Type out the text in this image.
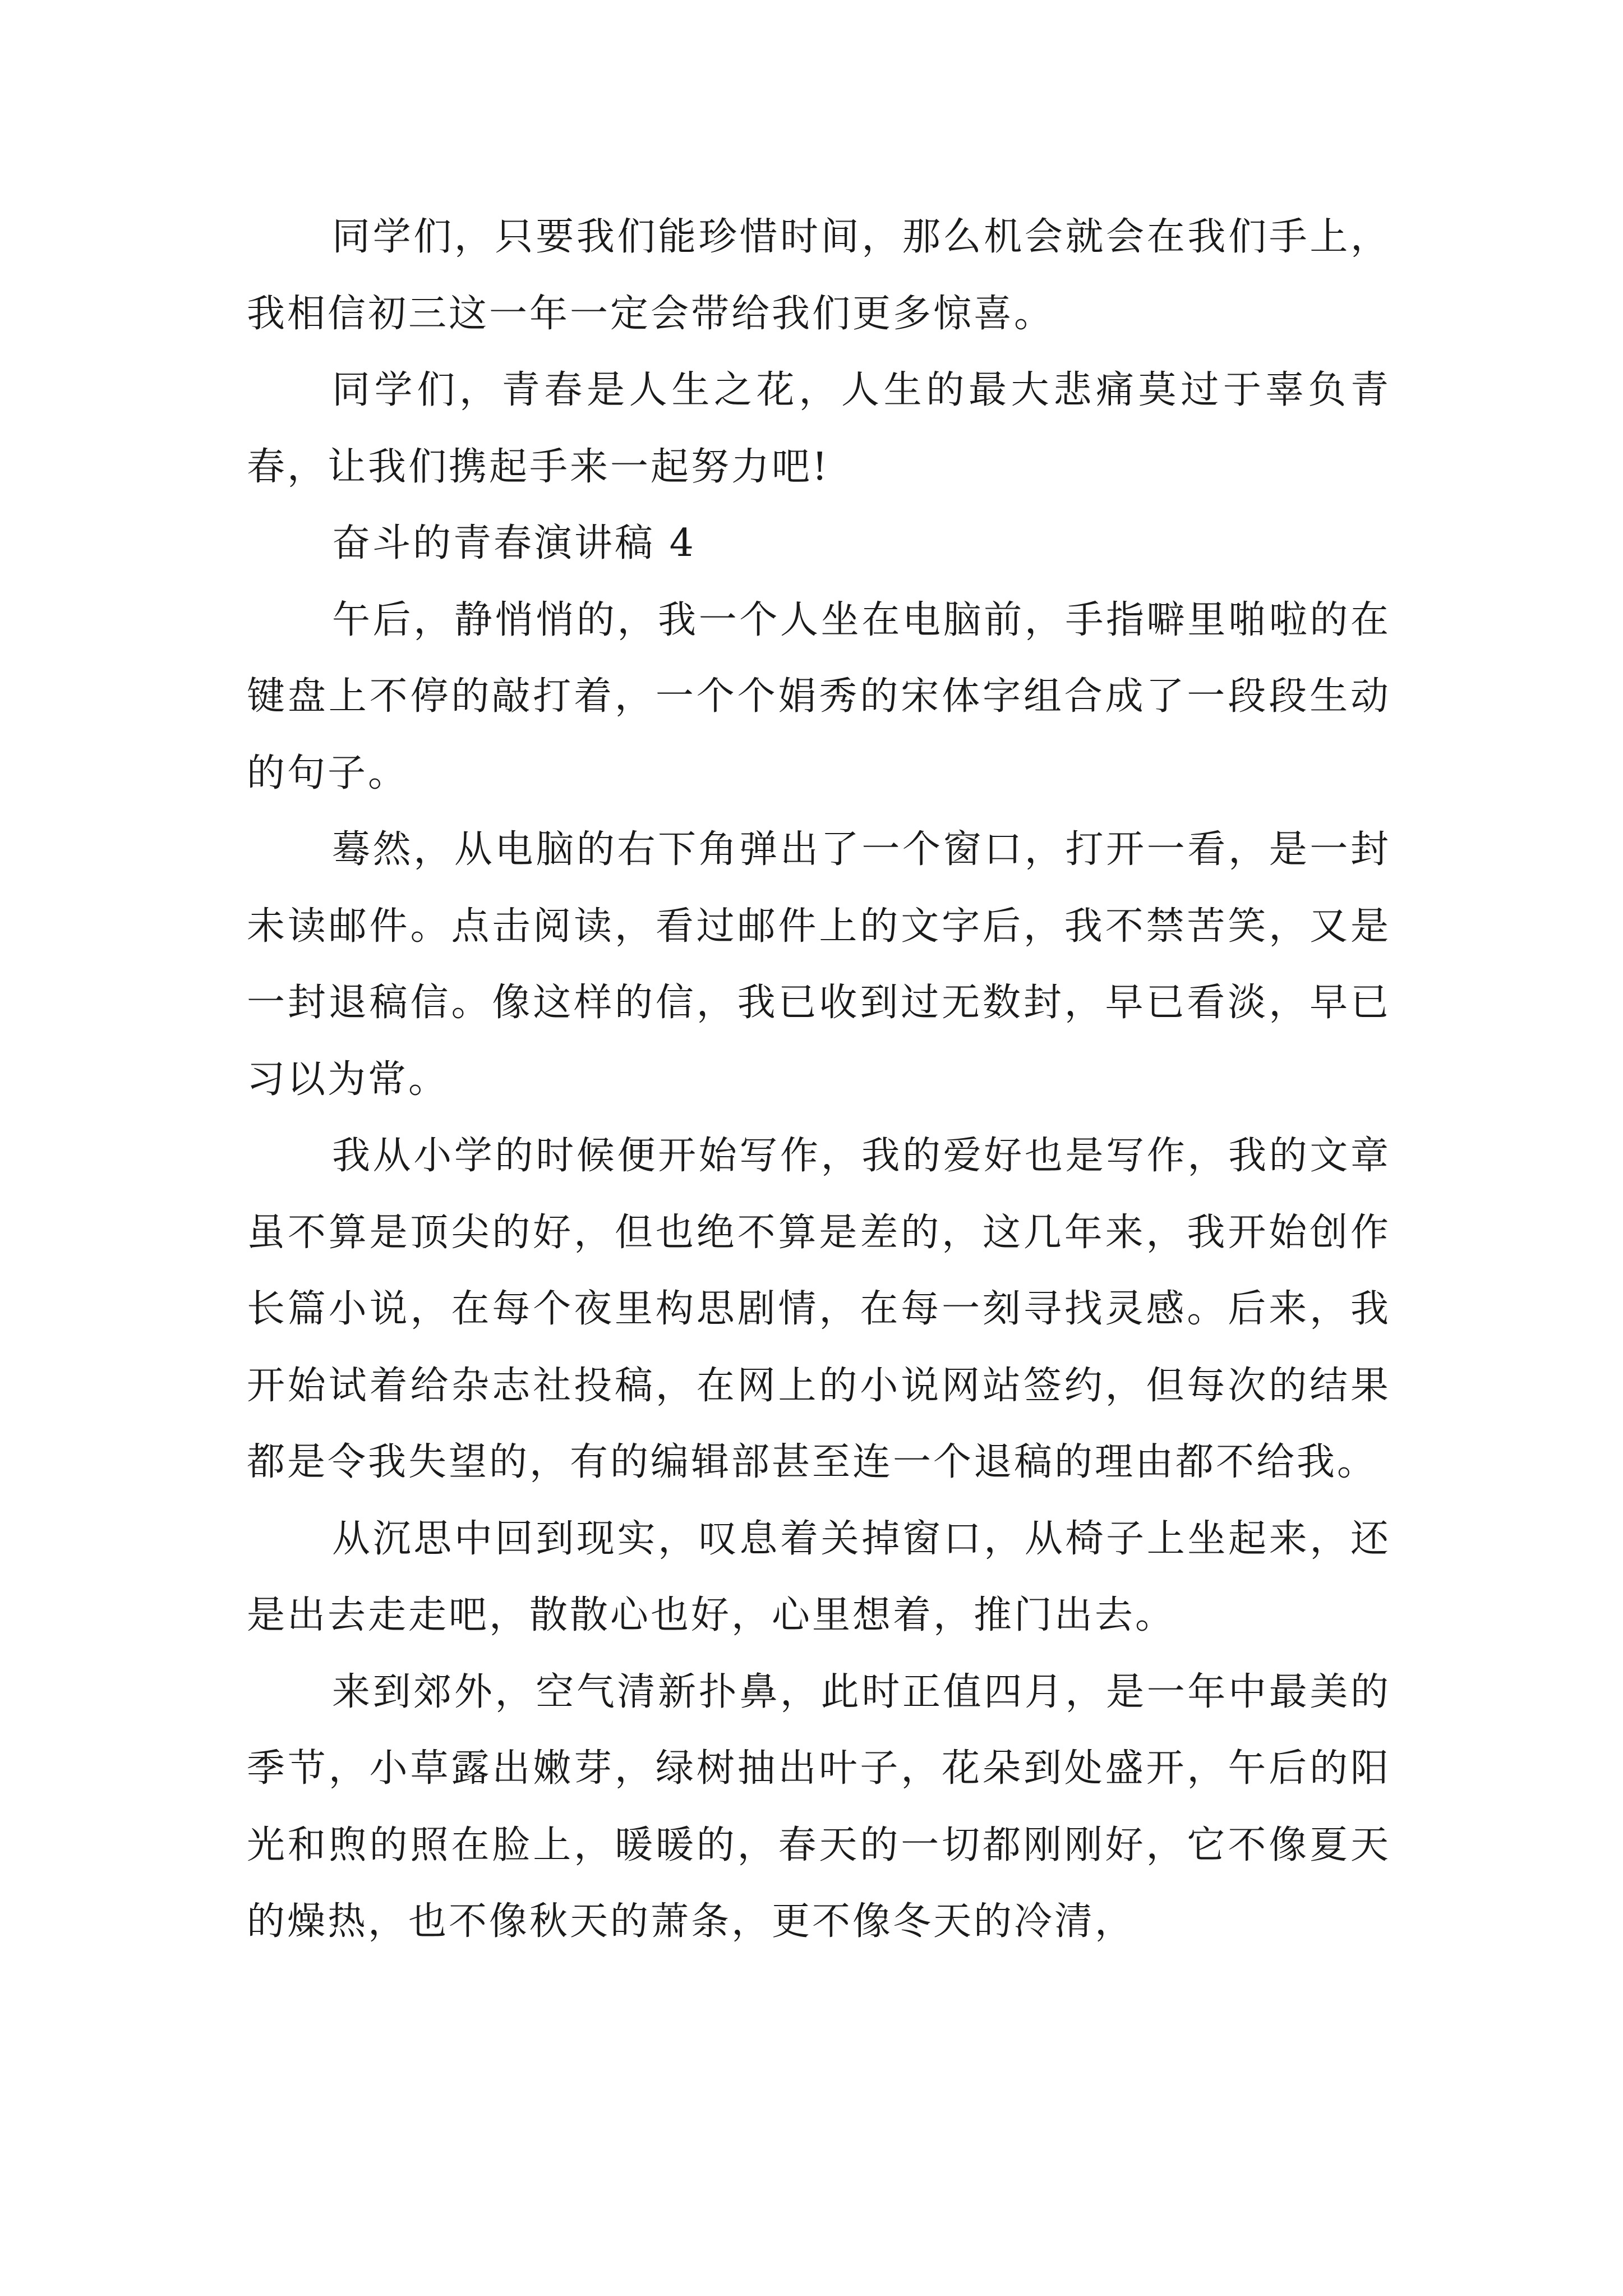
同学们，只要我们能珍惜时间，那么机会就会在我们手上，我相信初三这一年一定会带给我们更多惊喜。

同学们，青春是人生之花，人生的最大悲痛莫过于辜负青春，让我们携起手来一起努力吧!

奋斗的青春演讲稿 4

午后，静悄悄的，我一个人坐在电脑前，手指噼里啪啦的在键盘上不停的敲打着，一个个娟秀的宋体字组合成了一段段生动的句子。

蓦然，从电脑的右下角弹出了一个窗口，打开一看，是一封未读邮件。点击阅读，看过邮件上的文字后，我不禁苦笑，又是一封退稿信。像这样的信，我已收到过无数封，早已看淡，早已习以为常。

我从小学的时候便开始写作，我的爱好也是写作，我的文章虽不算是顶尖的好，但也绝不算是差的，这几年来，我开始创作长篇小说，在每个夜里构思剧情，在每一刻寻找灵感。后来，我开始试着给杂志社投稿，在网上的小说网站签约，但每次的结果都是令我失望的，有的编辑部甚至连一个退稿的理由都不给我。

从沉思中回到现实，叹息着关掉窗口，从椅子上坐起来，还是出去走走吧，散散心也好，心里想着，推门出去。

来到郊外，空气清新扑鼻，此时正值四月，是一年中最美的季节，小草露出嫩芽，绿树抽出叶子，花朵到处盛开，午后的阳光和煦的照在脸上，暖暖的，春天的一切都刚刚好，它不像夏天的燥热，也不像秋天的萧条，更不像冬天的冷清，
